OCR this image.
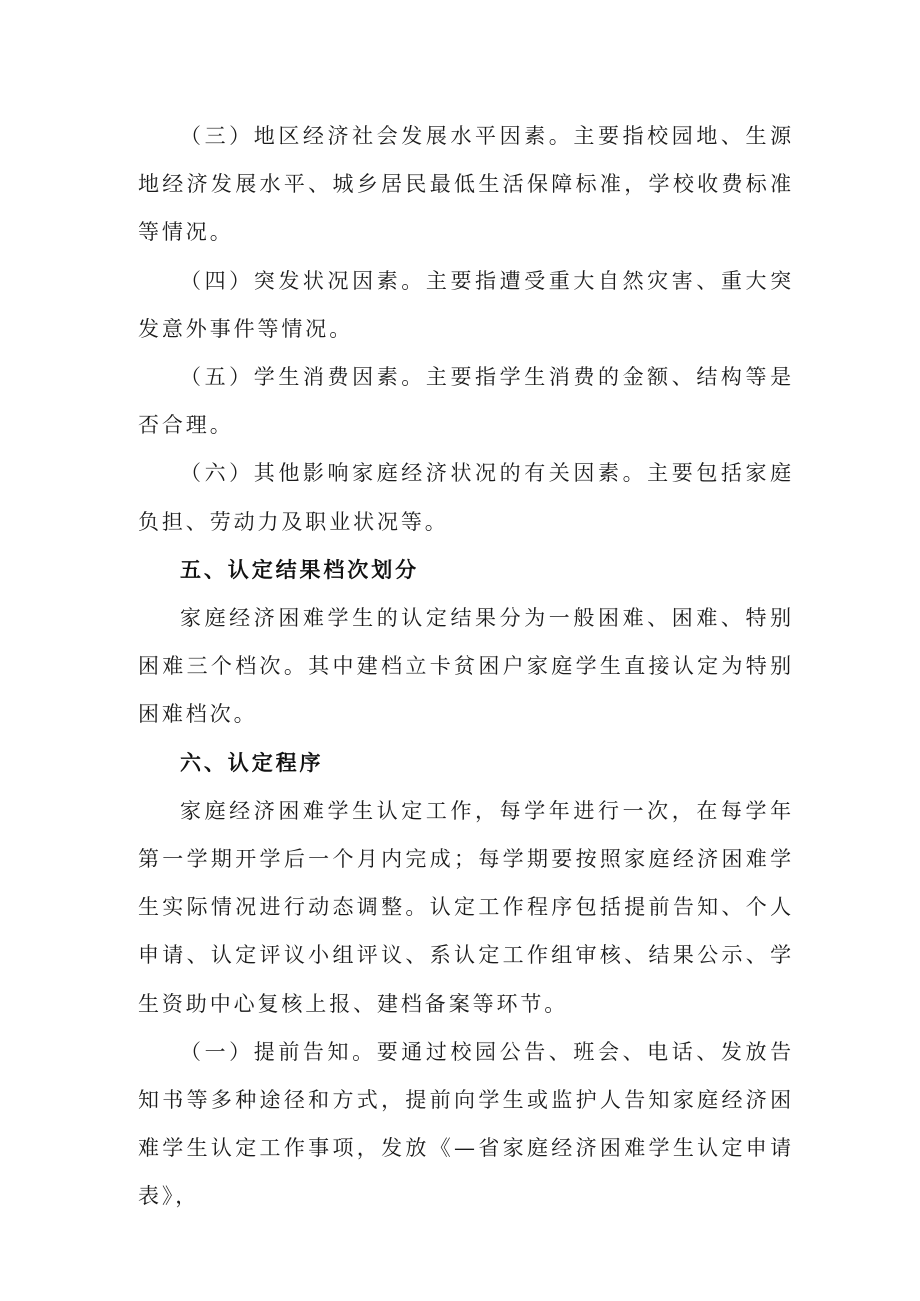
（三）地区经济社会发展水平因素。主要指校园地、生源地经济发展水平、城乡居民最低生活保障标准，学校收费标准等情况。

（四）突发状况因素。主要指遭受重大自然灾害、重大突发意外事件等情况。

（五）学生消费因素。主要指学生消费的金额、结构等是否合理。

（六）其他影响家庭经济状况的有关因素。主要包括家庭负担、劳动力及职业状况等。

五、认定结果档次划分

家庭经济困难学生的认定结果分为一般困难、困难、特别困难三个档次。其中建档立卡贫困户家庭学生直接认定为特别困难档次。

六、认定程序

家庭经济困难学生认定工作，每学年进行一次，在每学年第一学期开学后一个月内完成；每学期要按照家庭经济困难学生实际情况进行动态调整。认定工作程序包括提前告知、个人申请、认定评议小组评议、系认定工作组审核、结果公示、学生资助中心复核上报、建档备案等环节。

（一）提前告知。要通过校园公告、班会、电话、发放告知书等多种途径和方式，提前向学生或监护人告知家庭经济困难学生认定工作事项，发放《—省家庭经济困难学生认定申请表》，
